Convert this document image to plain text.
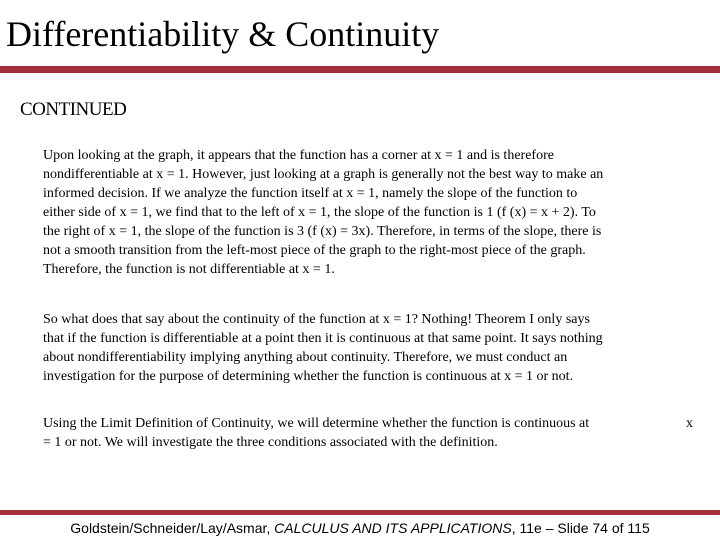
Differentiability & Continuity
CONTINUED
Upon looking at the graph, it appears that the function has a corner at x = 1 and is therefore
nondifferentiable at x = 1. However, just looking at a graph is generally not the best way to make an
informed decision. If we analyze the function itself at x = 1, namely the slope of the function to
either side of x = 1, we find that to the left of x = 1, the slope of the function is 1 (f (x) = x + 2). To
the right of x = 1, the slope of the function is 3 (f (x) = 3x). Therefore, in terms of the slope, there is
not a smooth transition from the left-most piece of the graph to the right-most piece of the graph.
Therefore, the function is not differentiable at x = 1.
So what does that say about the continuity of the function at x = 1? Nothing! Theorem I only says
that if the function is differentiable at a point then it is continuous at that same point. It says nothing
about nondifferentiability implying anything about continuity. Therefore, we must conduct an
investigation for the purpose of determining whether the function is continuous at x = 1 or not.
Using the Limit Definition of Continuity, we will determine whether the function is continuous at	x
= 1 or not. We will investigate the three conditions associated with the definition.
Goldstein/Schneider/Lay/Asmar, CALCULUS AND ITS APPLICATIONS, 11e – Slide 74 of 115
